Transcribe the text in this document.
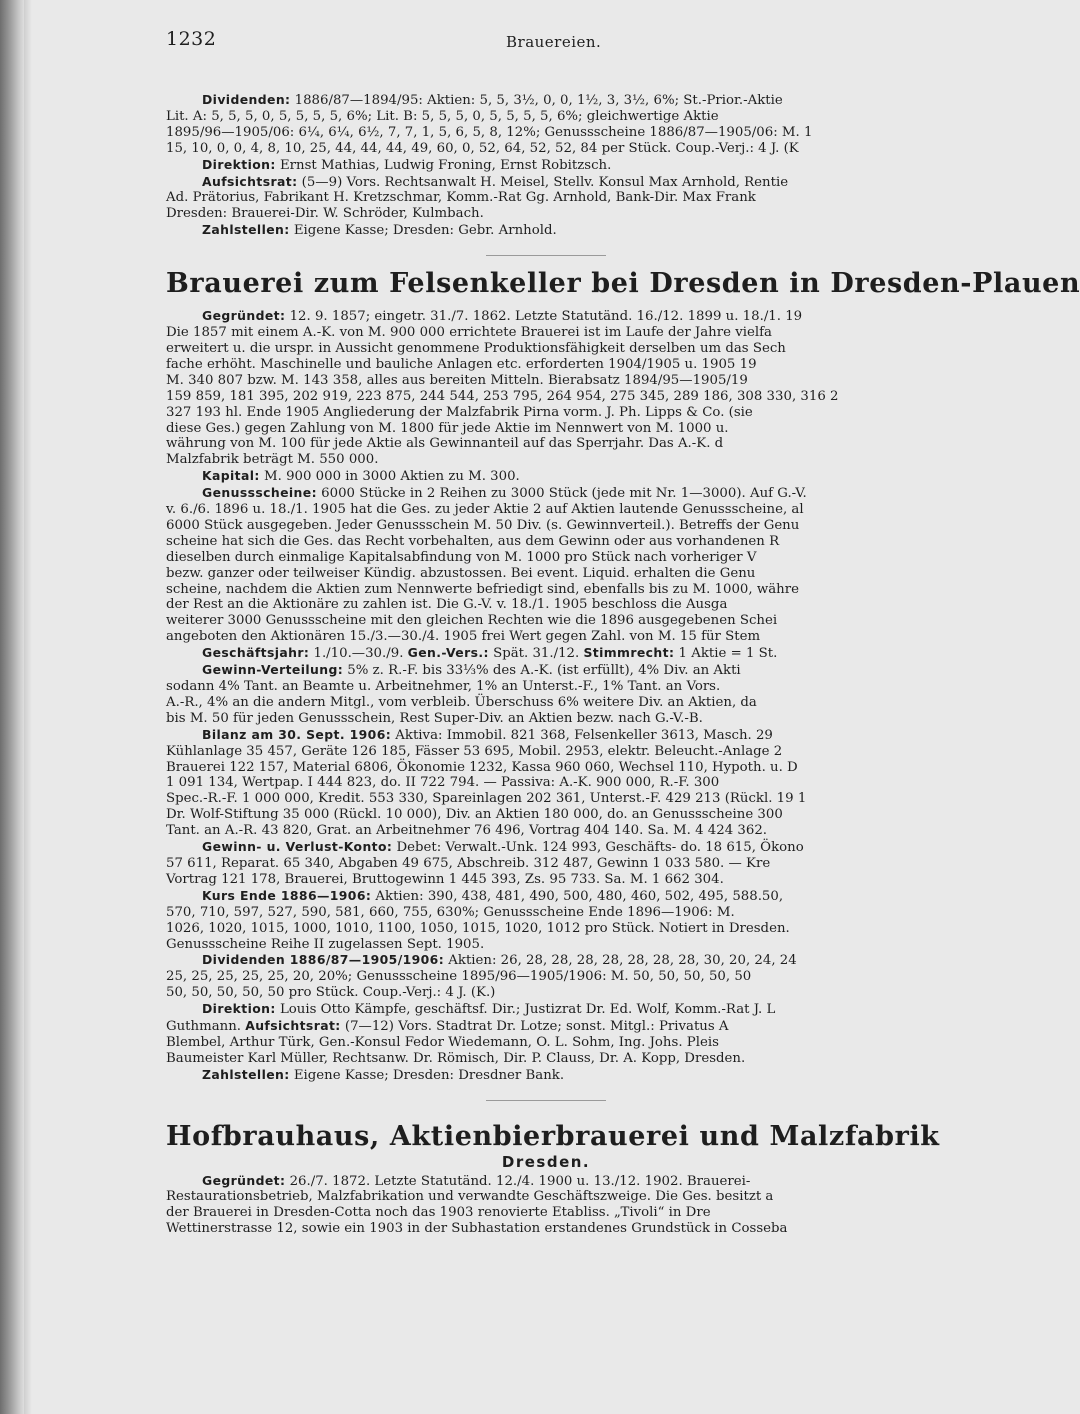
1232	Brauereien.
Dividenden: 1886/87—1894/95: Aktien: 5, 5, 3½, 0, 0, 1½, 3, 3½, 6%; St.-Prior.-Aktie
Lit. A: 5, 5, 5, 0, 5, 5, 5, 5, 6%; Lit. B: 5, 5, 5, 0, 5, 5, 5, 5, 6%; gleichwertige Aktie
1895/96—1905/06: 6¼, 6¼, 6½, 7, 7, 1, 5, 6, 5, 8, 12%; Genussscheine 1886/87—1905/06: M. 1
15, 10, 0, 0, 4, 8, 10, 25, 44, 44, 44, 49, 60, 0, 52, 64, 52, 52, 84 per Stück. Coup.-Verj.: 4 J. (K
Direktion: Ernst Mathias, Ludwig Froning, Ernst Robitzsch.
Aufsichtsrat: (5—9) Vors. Rechtsanwalt H. Meisel, Stellv. Konsul Max Arnhold, Rentie
Ad. Prätorius, Fabrikant H. Kretzschmar, Komm.-Rat Gg. Arnhold, Bank-Dir. Max Frank
Dresden: Brauerei-Dir. W. Schröder, Kulmbach.
Zahlstellen: Eigene Kasse; Dresden: Gebr. Arnhold.
Brauerei zum Felsenkeller bei Dresden in Dresden-Plauen
Gegründet: 12. 9. 1857; eingetr. 31./7. 1862. Letzte Statutänd. 16./12. 1899 u. 18./1. 19
Die 1857 mit einem A.-K. von M. 900 000 errichtete Brauerei ist im Laufe der Jahre vielfa
erweitert u. die urspr. in Aussicht genommene Produktionsfähigkeit derselben um das Sech
fache erhöht. Maschinelle und bauliche Anlagen etc. erforderten 1904/1905 u. 1905 19
M. 340 807 bzw. M. 143 358, alles aus bereiten Mitteln. Bierabsatz 1894/95—1905/19
159 859, 181 395, 202 919, 223 875, 244 544, 253 795, 264 954, 275 345, 289 186, 308 330, 316 2
327 193 hl. Ende 1905 Angliederung der Malzfabrik Pirna vorm. J. Ph. Lipps & Co. (sie
diese Ges.) gegen Zahlung von M. 1800 für jede Aktie im Nennwert von M. 1000 u.
währung von M. 100 für jede Aktie als Gewinnanteil auf das Sperrjahr. Das A.-K. d
Malzfabrik beträgt M. 550 000.
Kapital: M. 900 000 in 3000 Aktien zu M. 300.
Genussscheine: 6000 Stücke in 2 Reihen zu 3000 Stück (jede mit Nr. 1—3000). Auf G.-V.
v. 6./6. 1896 u. 18./1. 1905 hat die Ges. zu jeder Aktie 2 auf Aktien lautende Genussscheine, al
6000 Stück ausgegeben. Jeder Genussschein M. 50 Div. (s. Gewinnverteil.). Betreffs der Genu
scheine hat sich die Ges. das Recht vorbehalten, aus dem Gewinn oder aus vorhandenen R
dieselben durch einmalige Kapitalsabfindung von M. 1000 pro Stück nach vorheriger V
bezw. ganzer oder teilweiser Kündig. abzustossen. Bei event. Liquid. erhalten die Genu
scheine, nachdem die Aktien zum Nennwerte befriedigt sind, ebenfalls bis zu M. 1000, währe
der Rest an die Aktionäre zu zahlen ist. Die G.-V. v. 18./1. 1905 beschloss die Ausga
weiterer 3000 Genussscheine mit den gleichen Rechten wie die 1896 ausgegebenen Schei
angeboten den Aktionären 15./3.—30./4. 1905 frei Wert gegen Zahl. von M. 15 für Stem
Geschäftsjahr: 1./10.—30./9. Gen.-Vers.: Spät. 31./12. Stimmrecht: 1 Aktie = 1 St.
Gewinn-Verteilung: 5% z. R.-F. bis 33⅓% des A.-K. (ist erfüllt), 4% Div. an Akti
sodann 4% Tant. an Beamte u. Arbeitnehmer, 1% an Unterst.-F., 1% Tant. an Vors.
A.-R., 4% an die andern Mitgl., vom verbleib. Überschuss 6% weitere Div. an Aktien, da
bis M. 50 für jeden Genussschein, Rest Super-Div. an Aktien bezw. nach G.-V.-B.
Bilanz am 30. Sept. 1906: Aktiva: Immobil. 821 368, Felsenkeller 3613, Masch. 29
Kühlanlage 35 457, Geräte 126 185, Fässer 53 695, Mobil. 2953, elektr. Beleucht.-Anlage 2
Brauerei 122 157, Material 6806, Ökonomie 1232, Kassa 960 060, Wechsel 110, Hypoth. u. D
1 091 134, Wertpap. I 444 823, do. II 722 794. — Passiva: A.-K. 900 000, R.-F. 300
Spec.-R.-F. 1 000 000, Kredit. 553 330, Spareinlagen 202 361, Unterst.-F. 429 213 (Rückl. 19 1
Dr. Wolf-Stiftung 35 000 (Rückl. 10 000), Div. an Aktien 180 000, do. an Genussscheine 300
Tant. an A.-R. 43 820, Grat. an Arbeitnehmer 76 496, Vortrag 404 140. Sa. M. 4 424 362.
Gewinn- u. Verlust-Konto: Debet: Verwalt.-Unk. 124 993, Geschäfts- do. 18 615, Ökono
57 611, Reparat. 65 340, Abgaben 49 675, Abschreib. 312 487, Gewinn 1 033 580. — Kre
Vortrag 121 178, Brauerei, Bruttogewinn 1 445 393, Zs. 95 733. Sa. M. 1 662 304.
Kurs Ende 1886—1906: Aktien: 390, 438, 481, 490, 500, 480, 460, 502, 495, 588.50,
570, 710, 597, 527, 590, 581, 660, 755, 630%; Genussscheine Ende 1896—1906: M.
1026, 1020, 1015, 1000, 1010, 1100, 1050, 1015, 1020, 1012 pro Stück. Notiert in Dresden.
Genussscheine Reihe II zugelassen Sept. 1905.
Dividenden 1886/87—1905/1906: Aktien: 26, 28, 28, 28, 28, 28, 28, 28, 30, 20, 24, 24
25, 25, 25, 25, 25, 20, 20%; Genussscheine 1895/96—1905/1906: M. 50, 50, 50, 50, 50
50, 50, 50, 50, 50 pro Stück. Coup.-Verj.: 4 J. (K.)
Direktion: Louis Otto Kämpfe, geschäftsf. Dir.; Justizrat Dr. Ed. Wolf, Komm.-Rat J. L
Guthmann. Aufsichtsrat: (7—12) Vors. Stadtrat Dr. Lotze; sonst. Mitgl.: Privatus A
Blembel, Arthur Türk, Gen.-Konsul Fedor Wiedemann, O. L. Sohm, Ing. Johs. Pleis
Baumeister Karl Müller, Rechtsanw. Dr. Römisch, Dir. P. Clauss, Dr. A. Kopp, Dresden.
Zahlstellen: Eigene Kasse; Dresden: Dresdner Bank.
Hofbrauhaus, Aktienbierbrauerei und Malzfabrik
Dresden.
Gegründet: 26./7. 1872. Letzte Statutänd. 12./4. 1900 u. 13./12. 1902. Brauerei-
Restaurationsbetrieb, Malzfabrikation und verwandte Geschäftszweige. Die Ges. besitzt a
der Brauerei in Dresden-Cotta noch das 1903 renovierte Etabliss. „Tivoli“ in Dre
Wettinerstrasse 12, sowie ein 1903 in der Subhastation erstandenes Grundstück in Cosseba
